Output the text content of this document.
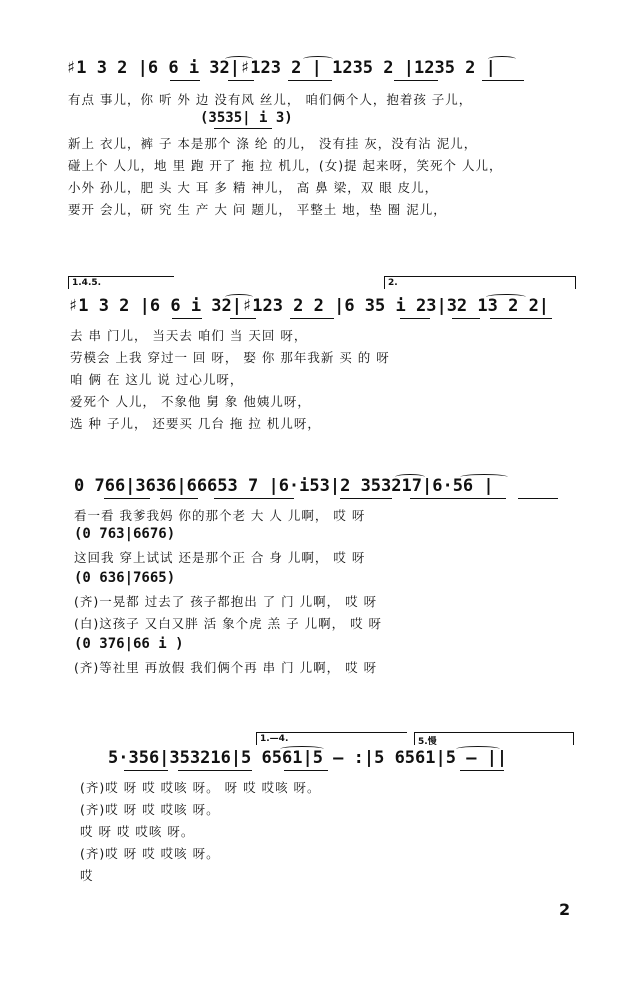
♯1 3 2 |6 6 i 32|♯123 2 | 1235 2 |1235 2 |
有点 事儿，你 听 外 边 没有风 丝儿， 咱们俩个人，抱着孩 子儿，
(3535| i 3)
新上 衣儿，裤 子 本是那个 涤 纶 的儿， 没有挂 灰，没有沾 泥儿，
碰上个 人儿，地 里 跑 开了 拖 拉 机儿，(女)提 起来呀，笑死个 人儿，
小外 孙儿，肥 头 大 耳 多 精 神儿， 高 鼻 梁，双 眼 皮儿，
要开 会儿，研 究 生 产 大 问 题儿， 平整土 地，垫 圈 泥儿，
1.4.5.	2.
♯1 3 2 |6 6 i 32|♯123 2 2 |6 35 i 23|32 13 2 2|
去 串 门儿， 当天去 咱们 当 天回 呀，
劳模会 上我 穿过一 回 呀， 娶 你 那年我新 买 的 呀
咱 俩 在 这儿 说 过心儿呀，
爱死个 人儿， 不象他 舅 象 他姨儿呀，
选 种 子儿， 还要买 几台 拖 拉 机儿呀，
0 766|3636|66653 7 |6·i53|2 353217|6·56 |
看一看 我爹我妈 你的那个老 大 人 儿啊， 哎 呀
(0 763|6676)
这回我 穿上试试 还是那个正 合 身 儿啊， 哎 呀
(0 636|7665)
(齐)一晃都 过去了 孩子都抱出 了 门 儿啊， 哎 呀
(白)这孩子 又白又胖 活 象个虎 羔 子 儿啊， 哎 呀
(0 376|66 i )
(齐)等社里 再放假 我们俩个再 串 门 儿啊， 哎 呀
1.—4.	5.慢
5·356|353216|5 6561|5 — :|5 6561|5 — ||
(齐)哎 呀 哎 哎咳 呀。 呀 哎 哎咳 呀。
(齐)哎 呀 哎 哎咳 呀。
哎 呀 哎 哎咳 呀。
(齐)哎 呀 哎 哎咳 呀。
哎
2
